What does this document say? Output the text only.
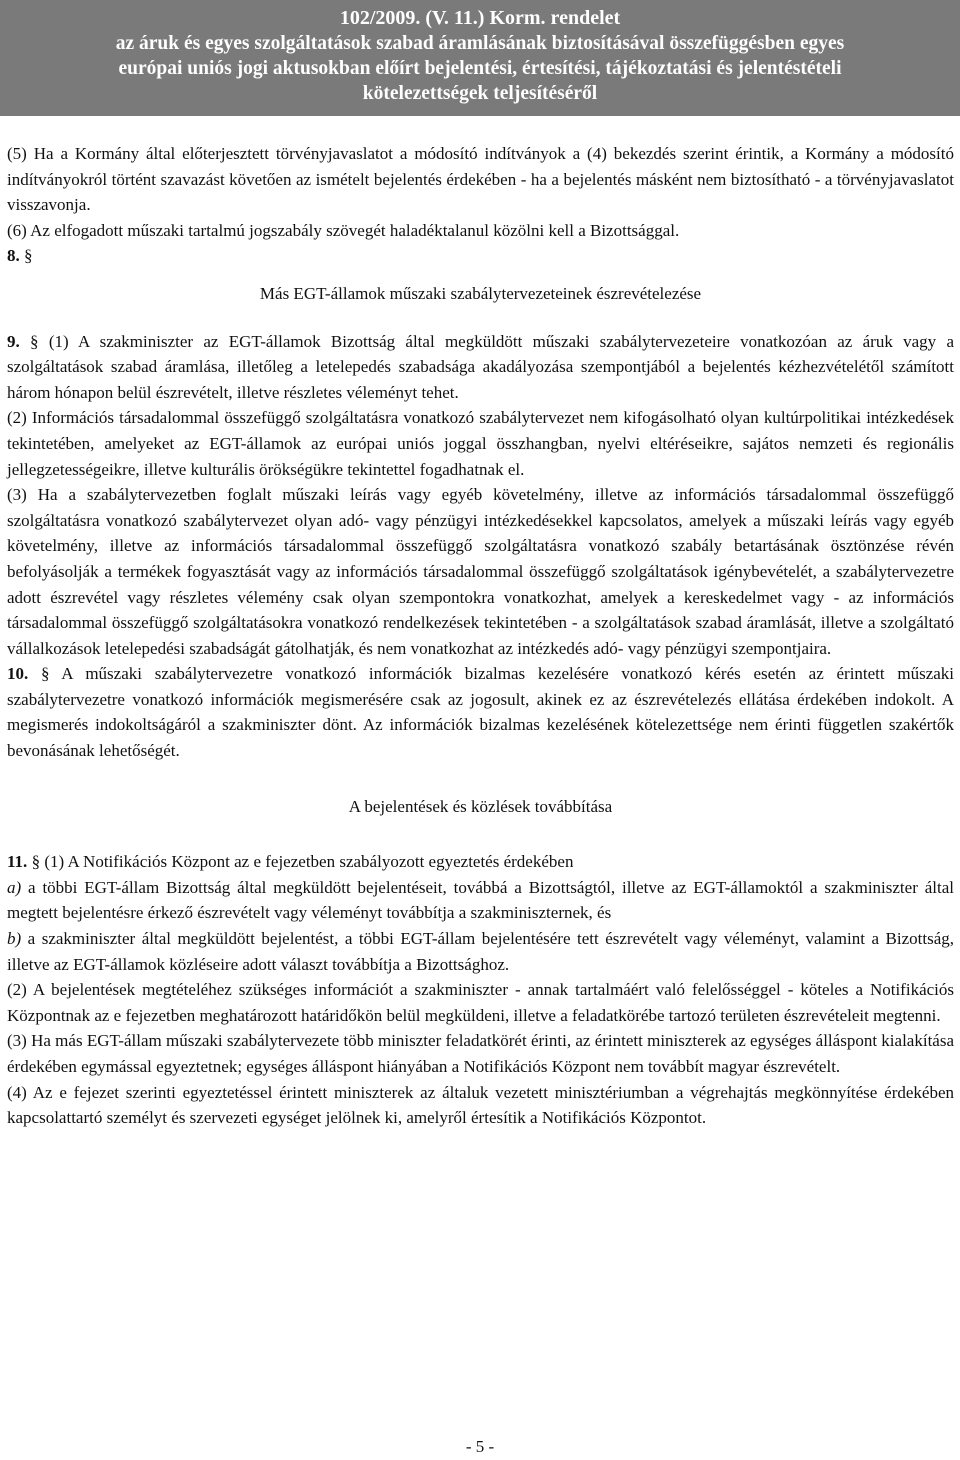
102/2009. (V. 11.) Korm. rendelet
az áruk és egyes szolgáltatások szabad áramlásának biztosításával összefüggésben egyes
európai uniós jogi aktusokban előírt bejelentési, értesítési, tájékoztatási és jelentéstételi
kötelezettségek teljesítéséről

(5) Ha a Kormány által előterjesztett törvényjavaslatot a módosító indítványok a (4) bekezdés szerint érintik, a Kormány a módosító indítványokról történt szavazást követően az ismételt bejelentés érdekében - ha a bejelentés másként nem biztosítható - a törvényjavaslatot visszavonja.

(6) Az elfogadott műszaki tartalmú jogszabály szövegét haladéktalanul közölni kell a Bizottsággal.

8. §

Más EGT-államok műszaki szabálytervezeteinek észrevételezése

9. § (1) A szakminiszter az EGT-államok Bizottság által megküldött műszaki szabálytervezeteire vonatkozóan az áruk vagy a szolgáltatások szabad áramlása, illetőleg a letelepedés szabadsága akadályozása szempontjából a bejelentés kézhezvételétől számított három hónapon belül észrevételt, illetve részletes véleményt tehet.

(2) Információs társadalommal összefüggő szolgáltatásra vonatkozó szabálytervezet nem kifogásolható olyan kultúrpolitikai intézkedések tekintetében, amelyeket az EGT-államok az európai uniós joggal összhangban, nyelvi eltéréseikre, sajátos nemzeti és regionális jellegzetességeikre, illetve kulturális örökségükre tekintettel fogadhatnak el.

(3) Ha a szabálytervezetben foglalt műszaki leírás vagy egyéb követelmény, illetve az információs társadalommal összefüggő szolgáltatásra vonatkozó szabálytervezet olyan adó- vagy pénzügyi intézkedésekkel kapcsolatos, amelyek a műszaki leírás vagy egyéb követelmény, illetve az információs társadalommal összefüggő szolgáltatásra vonatkozó szabály betartásának ösztönzése révén befolyásolják a termékek fogyasztását vagy az információs társadalommal összefüggő szolgáltatások igénybevételét, a szabálytervezetre adott észrevétel vagy részletes vélemény csak olyan szempontokra vonatkozhat, amelyek a kereskedelmet vagy - az információs társadalommal összefüggő szolgáltatásokra vonatkozó rendelkezések tekintetében - a szolgáltatások szabad áramlását, illetve a szolgáltató vállalkozások letelepedési szabadságát gátolhatják, és nem vonatkozhat az intézkedés adó- vagy pénzügyi szempontjaira.

10. § A műszaki szabálytervezetre vonatkozó információk bizalmas kezelésére vonatkozó kérés esetén az érintett műszaki szabálytervezetre vonatkozó információk megismerésére csak az jogosult, akinek ez az észrevételezés ellátása érdekében indokolt. A megismerés indokoltságáról a szakminiszter dönt. Az információk bizalmas kezelésének kötelezettsége nem érinti független szakértők bevonásának lehetőségét.

A bejelentések és közlések továbbítása

11. § (1) A Notifikációs Központ az e fejezetben szabályozott egyeztetés érdekében

a) a többi EGT-állam Bizottság által megküldött bejelentéseit, továbbá a Bizottságtól, illetve az EGT-államoktól a szakminiszter által megtett bejelentésre érkező észrevételt vagy véleményt továbbítja a szakminiszternek, és

b) a szakminiszter által megküldött bejelentést, a többi EGT-állam bejelentésére tett észrevételt vagy véleményt, valamint a Bizottság, illetve az EGT-államok közléseire adott választ továbbítja a Bizottsághoz.

(2) A bejelentések megtételéhez szükséges információt a szakminiszter - annak tartalmáért való felelősséggel - köteles a Notifikációs Központnak az e fejezetben meghatározott határidőkön belül megküldeni, illetve a feladatkörébe tartozó területen észrevételeit megtenni.

(3) Ha más EGT-állam műszaki szabálytervezete több miniszter feladatkörét érinti, az érintett miniszterek az egységes álláspont kialakítása érdekében egymással egyeztetnek; egységes álláspont hiányában a Notifikációs Központ nem továbbít magyar észrevételt.

(4) Az e fejezet szerinti egyeztetéssel érintett miniszterek az általuk vezetett minisztériumban a végrehajtás megkönnyítése érdekében kapcsolattartó személyt és szervezeti egységet jelölnek ki, amelyről értesítik a Notifikációs Központot.

- 5 -
